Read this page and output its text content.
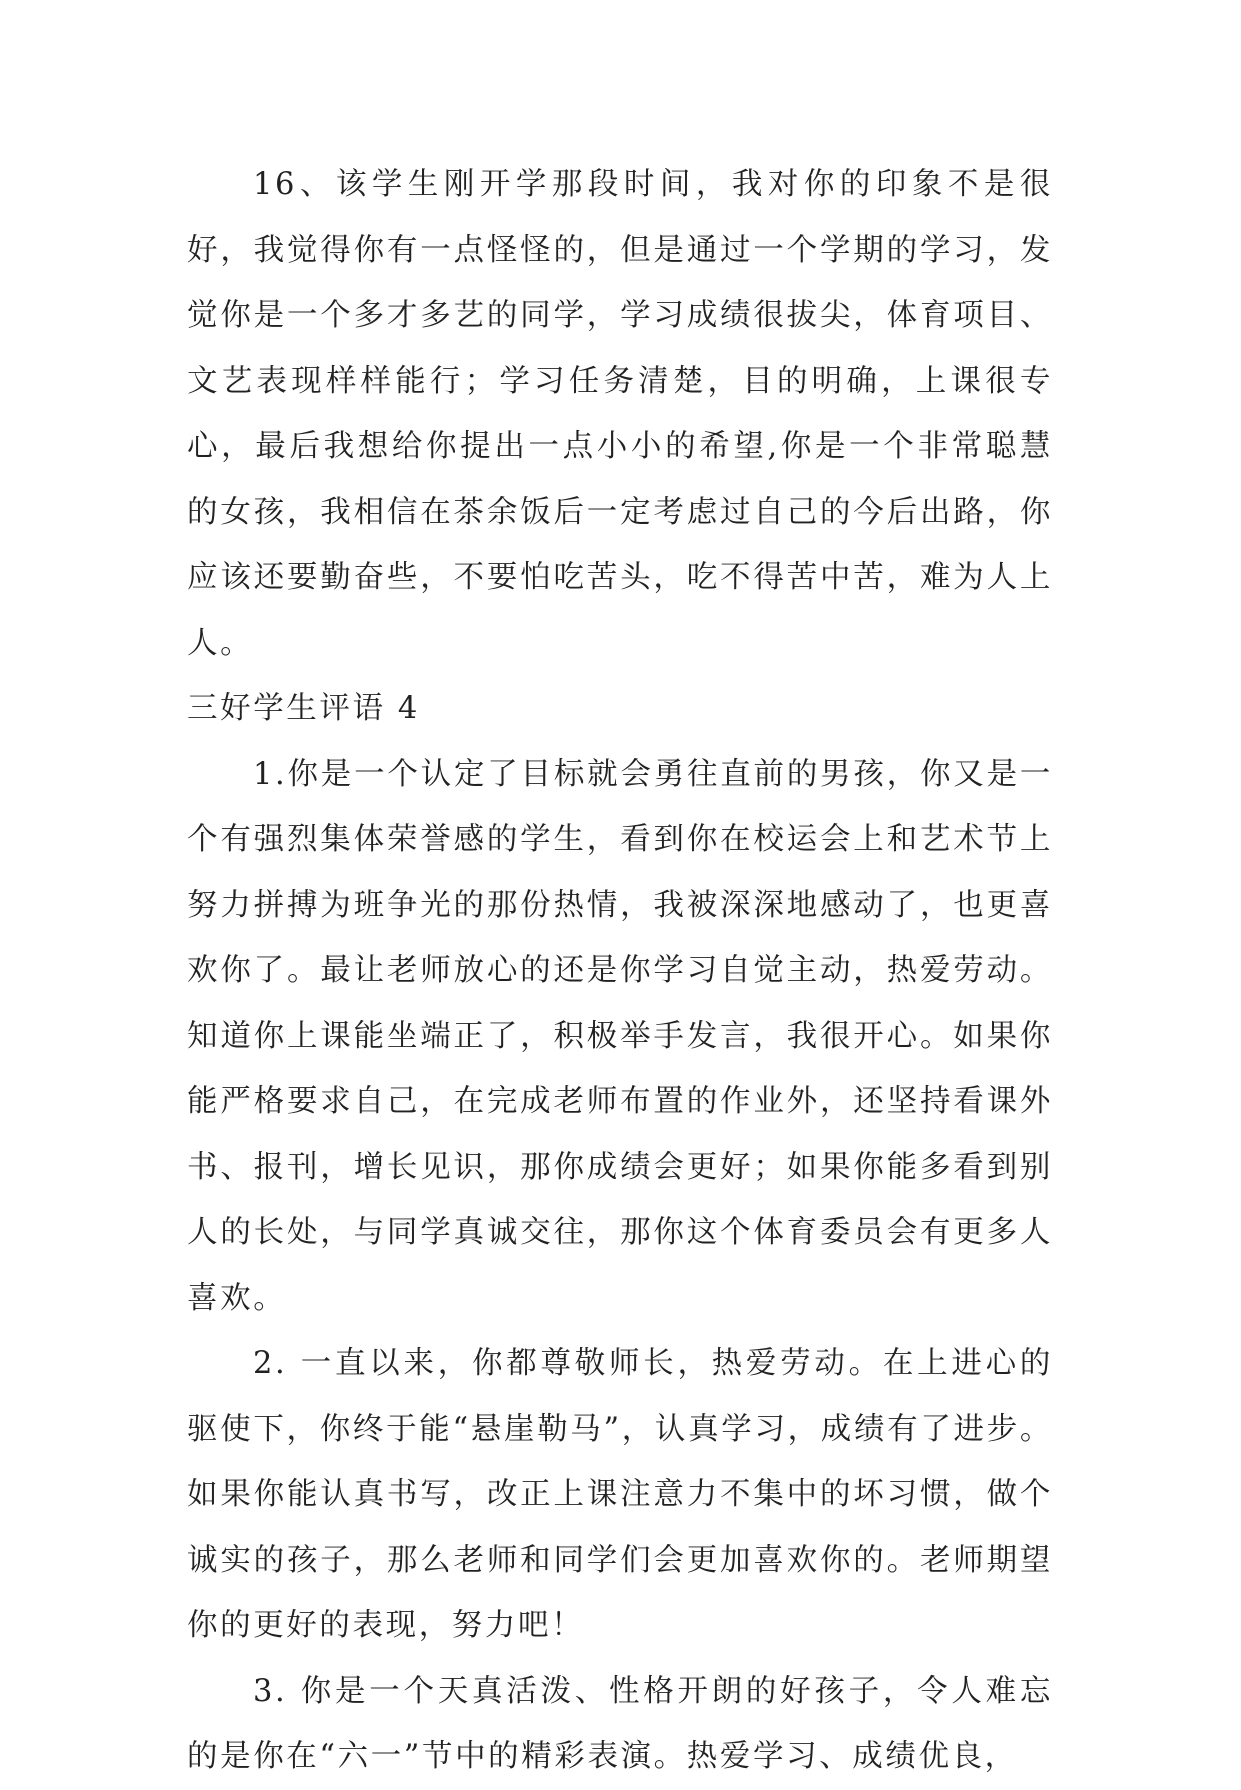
16、该学生刚开学那段时间，我对你的印象不是很好，我觉得你有一点怪怪的，但是通过一个学期的学习，发觉你是一个多才多艺的同学，学习成绩很拔尖，体育项目、文艺表现样样能行；学习任务清楚，目的明确，上课很专心，最后我想给你提出一点小小的希望,你是一个非常聪慧的女孩，我相信在茶余饭后一定考虑过自己的今后出路，你应该还要勤奋些，不要怕吃苦头，吃不得苦中苦，难为人上人。

三好学生评语 4

1.你是一个认定了目标就会勇往直前的男孩，你又是一个有强烈集体荣誉感的学生，看到你在校运会上和艺术节上努力拼搏为班争光的那份热情，我被深深地感动了，也更喜欢你了。最让老师放心的还是你学习自觉主动，热爱劳动。知道你上课能坐端正了，积极举手发言，我很开心。如果你能严格要求自己，在完成老师布置的作业外，还坚持看课外书、报刊，增长见识，那你成绩会更好；如果你能多看到别人的长处，与同学真诚交往，那你这个体育委员会有更多人喜欢。

2. 一直以来，你都尊敬师长，热爱劳动。在上进心的驱使下，你终于能“悬崖勒马”，认真学习，成绩有了进步。如果你能认真书写，改正上课注意力不集中的坏习惯，做个诚实的孩子，那么老师和同学们会更加喜欢你的。老师期望你的更好的表现，努力吧！

3. 你是一个天真活泼、性格开朗的好孩子，令人难忘的是你在“六一”节中的精彩表演。热爱学习、成绩优良，
